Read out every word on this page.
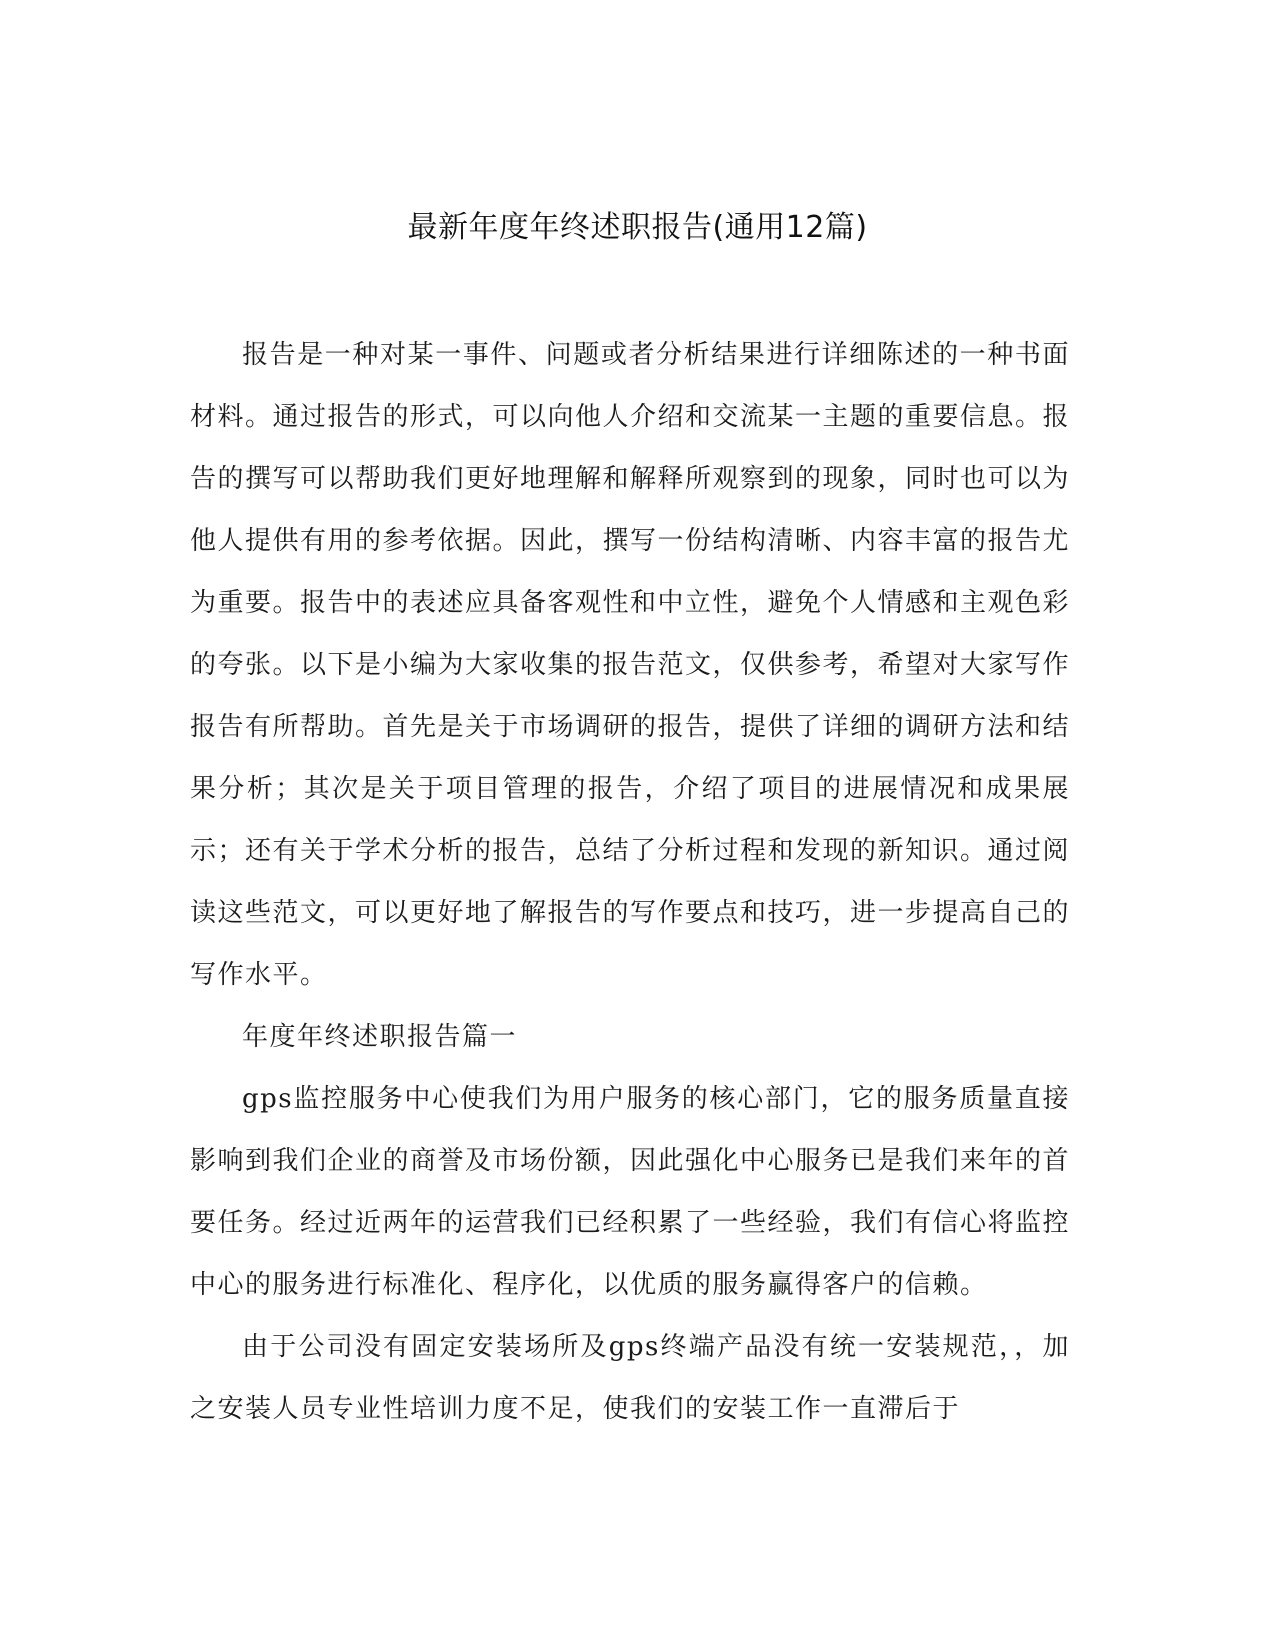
最新年度年终述职报告(通用12篇)

报告是一种对某一事件、问题或者分析结果进行详细陈述的一种书面材料。通过报告的形式，可以向他人介绍和交流某一主题的重要信息。报告的撰写可以帮助我们更好地理解和解释所观察到的现象，同时也可以为他人提供有用的参考依据。因此，撰写一份结构清晰、内容丰富的报告尤为重要。报告中的表述应具备客观性和中立性，避免个人情感和主观色彩的夸张。以下是小编为大家收集的报告范文，仅供参考，希望对大家写作报告有所帮助。首先是关于市场调研的报告，提供了详细的调研方法和结果分析；其次是关于项目管理的报告，介绍了项目的进展情况和成果展示；还有关于学术分析的报告，总结了分析过程和发现的新知识。通过阅读这些范文，可以更好地了解报告的写作要点和技巧，进一步提高自己的写作水平。

年度年终述职报告篇一

gps监控服务中心使我们为用户服务的核心部门，它的服务质量直接影响到我们企业的商誉及市场份额，因此强化中心服务已是我们来年的首要任务。经过近两年的运营我们已经积累了一些经验，我们有信心将监控中心的服务进行标准化、程序化，以优质的服务赢得客户的信赖。

由于公司没有固定安装场所及gps终端产品没有统一安装规范，，加之安装人员专业性培训力度不足，使我们的安装工作一直滞后于
